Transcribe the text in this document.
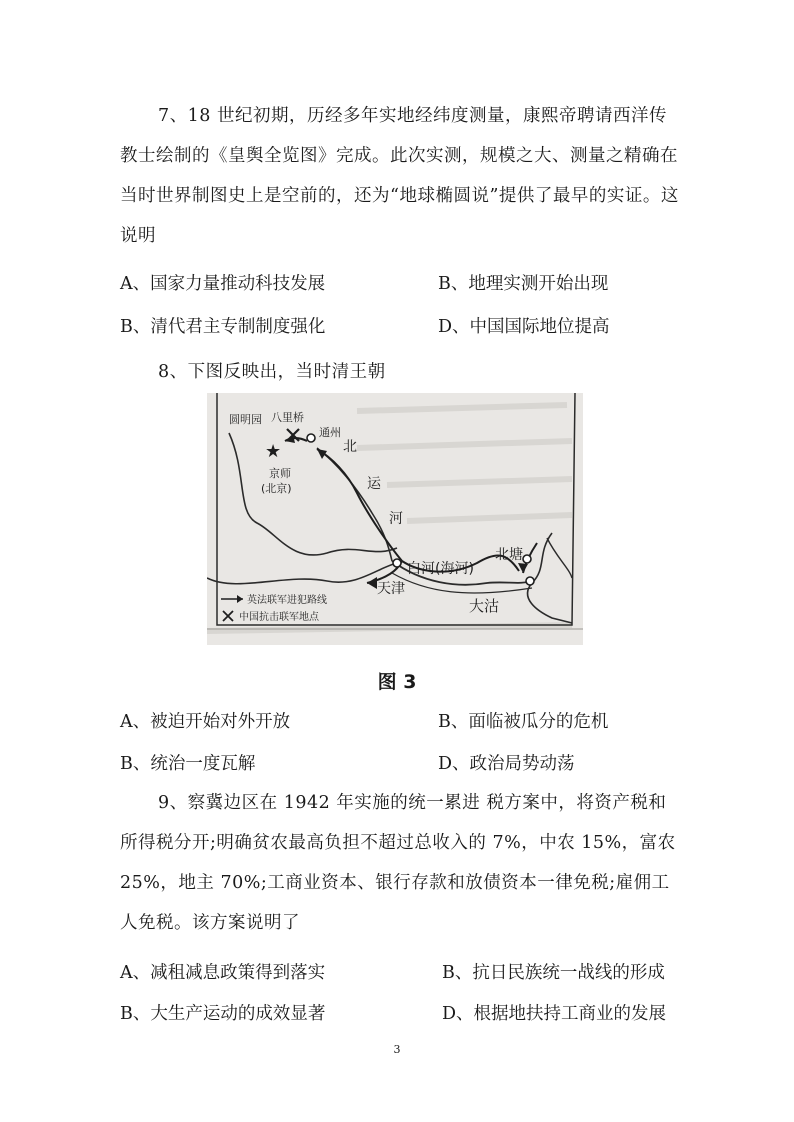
7、18 世纪初期，历经多年实地经纬度测量，康熙帝聘请西洋传教士绘制的《皇舆全览图》完成。此次实测，规模之大、测量之精确在当时世界制图史上是空前的，还为“地球椭圆说”提供了最早的实证。这说明
A、国家力量推动科技发展	B、地理实测开始出现
B、清代君主专制制度强化	D、中国国际地位提高
8、下图反映出，当时清王朝
★
圆明园 八里桥
通州
京师
(北京)
北
运
河
白河(海河)
天津
北塘
大沽
英法联军进犯路线
中国抗击联军地点
图 3
A、被迫开始对外开放	B、面临被瓜分的危机
B、统治一度瓦解	D、政治局势动荡
9、察冀边区在 1942 年实施的统一累进 税方案中，将资产税和所得税分开;明确贫农最高负担不超过总收入的 7%，中农 15%，富农 25%，地主 70%;工商业资本、银行存款和放债资本一律免税;雇佣工人免税。该方案说明了
A、减租减息政策得到落实	B、抗日民族统一战线的形成
B、大生产运动的成效显著	D、根据地扶持工商业的发展
3
